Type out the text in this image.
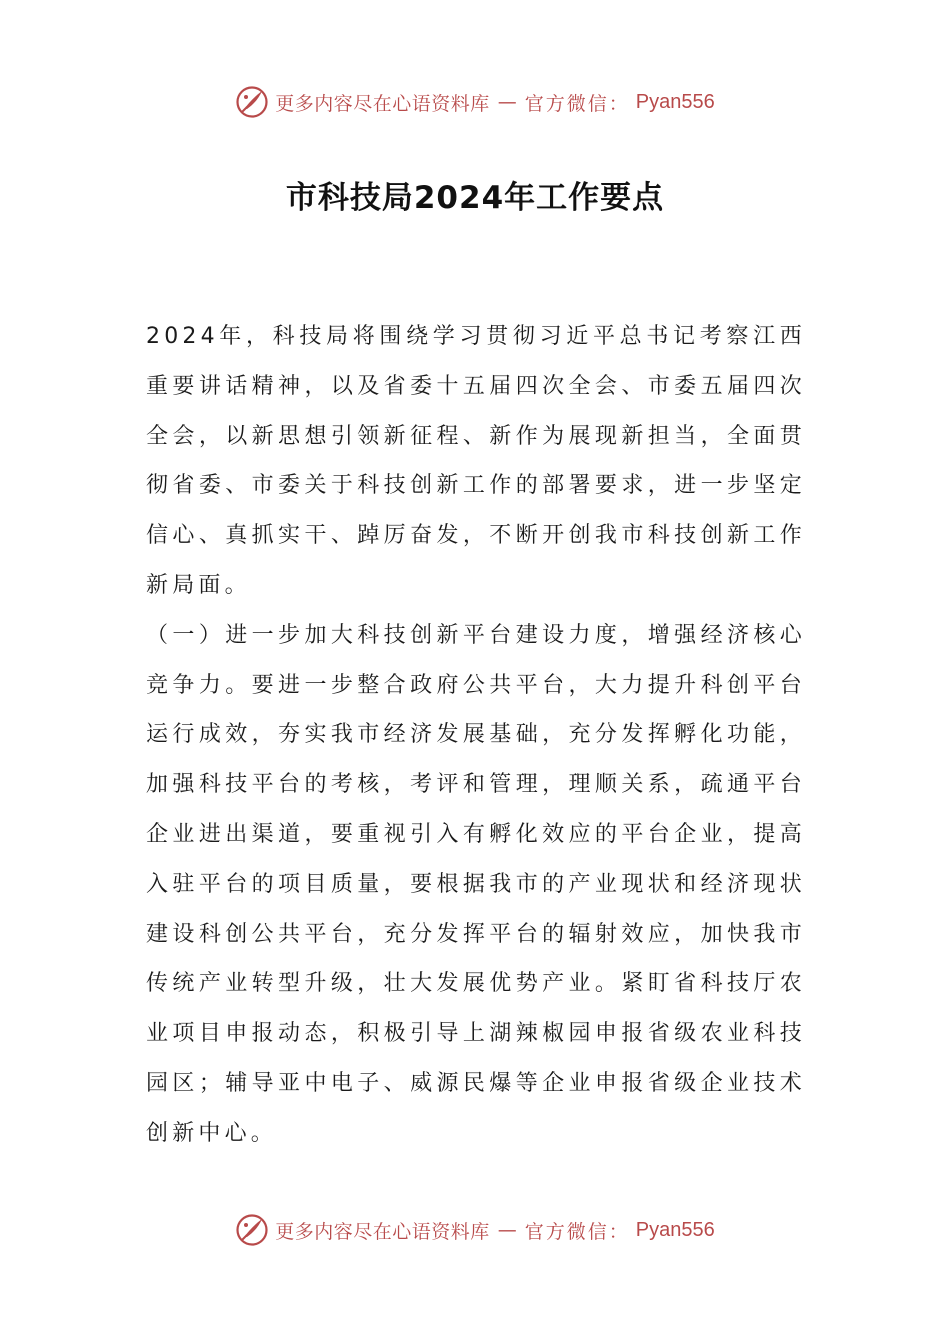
更多内容尽在心语资料库 — 官方微信： Pyan556
市科技局2024年工作要点

2024年，科技局将围绕学习贯彻习近平总书记考察江西重要讲话精神，以及省委十五届四次全会、市委五届四次全会，以新思想引领新征程、新作为展现新担当，全面贯彻省委、市委关于科技创新工作的部署要求，进一步坚定信心、真抓实干、踔厉奋发，不断开创我市科技创新工作新局面。

（一）进一步加大科技创新平台建设力度，增强经济核心竞争力。要进一步整合政府公共平台，大力提升科创平台运行成效，夯实我市经济发展基础，充分发挥孵化功能，加强科技平台的考核，考评和管理，理顺关系，疏通平台企业进出渠道，要重视引入有孵化效应的平台企业，提高入驻平台的项目质量，要根据我市的产业现状和经济现状建设科创公共平台，充分发挥平台的辐射效应，加快我市传统产业转型升级，壮大发展优势产业。紧盯省科技厅农业项目申报动态，积极引导上湖辣椒园申报省级农业科技园区；辅导亚中电子、威源民爆等企业申报省级企业技术创新中心。

更多内容尽在心语资料库 — 官方微信： Pyan556
